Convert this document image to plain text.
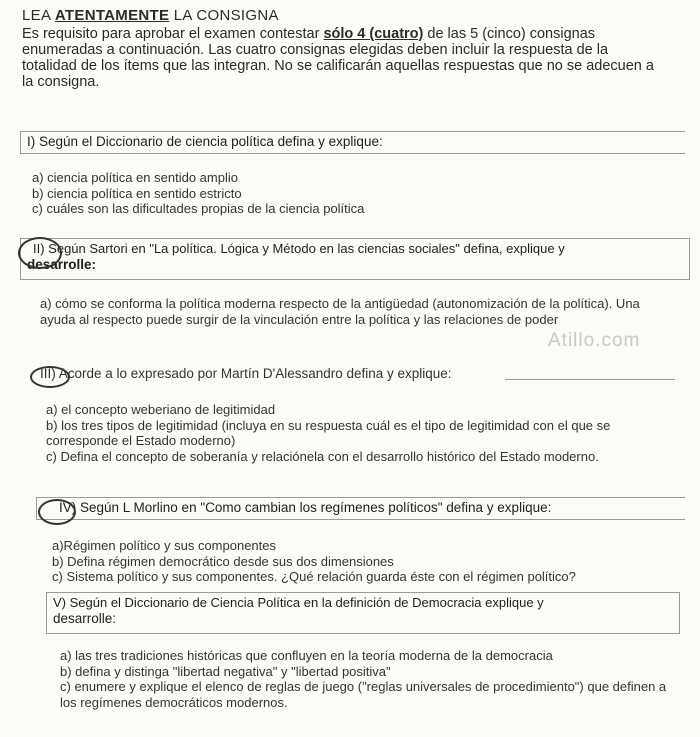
LEA ATENTAMENTE LA CONSIGNA
Es requisito para aprobar el examen contestar sólo 4 (cuatro) de las 5 (cinco) consignas enumeradas a continuación. Las cuatro consignas elegidas deben incluir la respuesta de la totalidad de los ítems que las integran. No se calificarán aquellas respuestas que no se adecuen a la consigna.
I) Según el Diccionario de ciencia política defina y explique:
a) ciencia política en sentido amplio
b) ciencia política en sentido estricto
c) cuáles son las dificultades propias de la ciencia política
II) Según Sartori en "La política. Lógica y Método en las ciencias sociales" defina, explique y
desarrolle:
a) cómo se conforma la política moderna respecto de la antigüedad (autonomización de la política). Una ayuda al respecto puede surgir de la vinculación entre la política y las relaciones de poder
Atillo.com
III) Acorde a lo expresado por Martín D'Alessandro defina y explique:
a) el concepto weberiano de legitimidad
b) los tres tipos de legitimidad (incluya en su respuesta cuál es el tipo de legitimidad con el que se corresponde el Estado moderno)
c) Defina el concepto de soberanía y relaciónela con el desarrollo histórico del Estado moderno.
IV) Según L Morlino en "Como cambian los regímenes políticos" defina y explique:
a)Régimen político y sus componentes
b) Defina régimen democrático desde sus dos dimensiones
c) Sistema político y sus componentes. ¿Qué relación guarda éste con el régimen político?
V) Según el Diccionario de Ciencia Política en la definición de Democracia explique y
desarrolle:
a) las tres tradiciones históricas que confluyen en la teoría moderna de la democracia
b) defina y distinga "libertad negativa" y "libertad positiva"
c) enumere y explique el elenco de reglas de juego ("reglas universales de procedimiento") que definen a los regímenes democráticos modernos.
